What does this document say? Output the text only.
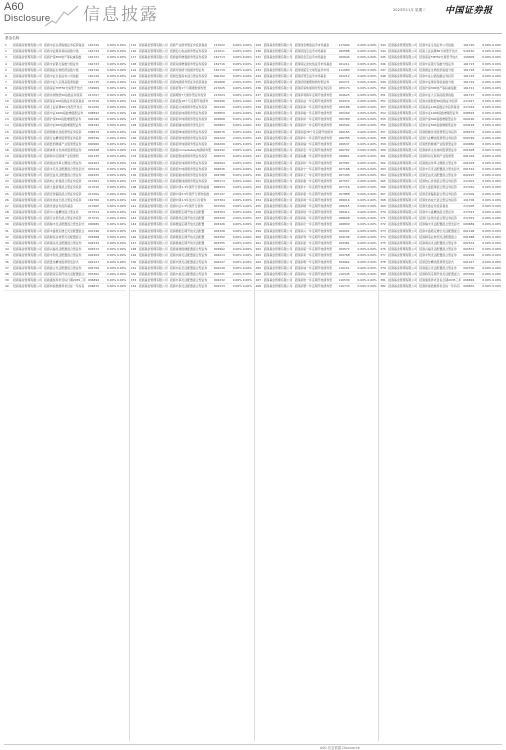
A60
Disclosure 信息披露	2023年11月 星期二 中国证券报
基金名称
1	招商基金管理有限公司 招商中证白酒指数证券投资基金	161725	0.00% 0.00%
2	招商基金管理有限公司 招商中证煤炭等权指数分级	161724	0.00% 0.00%
3	招商基金管理有限公司 招商沪深300地产等权重指数	161721	0.00% 0.00%
4	招商基金管理有限公司 招商中证银行指数分级证券	161723	0.00% 0.00%
5	招商基金管理有限公司 招商国证生物医药指数分级	161726	0.00% 0.00%
6	招商基金管理有限公司 招商中证全指证券公司指数	161720	0.00% 0.00%
7	招商基金管理有限公司 招商中证大宗商品股票指数	161715	0.00% 0.00%
8	招商基金管理有限公司 招商深证TMT50交易型开放式	159909	0.00% 0.00%
9	招商基金管理有限公司 招商央视财经50指数证券投资	217027	0.00% 0.00%
10	招商基金管理有限公司 招商深证100指数证券投资基金	217016	0.00% 0.00%
11	招商基金管理有限公司 招商上证消费80交易型开放式	510150	0.00% 0.00%
12	招商基金管理有限公司 招商中证1000指数增强型证券	008593	0.00% 0.00%
13	招商基金管理有限公司 招商沪深300指数增强型证券	004190	0.00% 0.00%
14	招商基金管理有限公司 招商中证500指数增强型证券	004192	0.00% 0.00%
15	招商基金管理有限公司 招商稳健优选股票型证券投资	008279	0.00% 0.00%
16	招商基金管理有限公司 招商行业精选股票型证券投资	000746	0.00% 0.00%
17	招商基金管理有限公司 招商医药健康产业股票型证券	000960	0.00% 0.00%
18	招商基金管理有限公司 招商体育文化休闲股票型证券	001628	0.00% 0.00%
19	招商基金管理有限公司 招商移动互联网产业股票型	001335	0.00% 0.00%
20	招商基金管理有限公司 招商国企改革主题混合型证券	001403	0.00% 0.00%
21	招商基金管理有限公司 招商丰庆灵活配置混合型发起式	001519	0.00% 0.00%
22	招商基金管理有限公司 招商安益灵活配置混合型证券	002225	0.00% 0.00%
23	招商基金管理有限公司 招商核心价值混合型证券投资	217001	0.00% 0.00%
24	招商基金管理有限公司 招商大盘蓝筹混合型证券投资	217010	0.00% 0.00%
25	招商基金管理有限公司 招商安泰偏股混合型证券投资	217002	0.00% 0.00%
26	招商基金管理有限公司 招商优质成长混合型证券投资	161706	0.00% 0.00%
27	招商基金管理有限公司 招商先锋证券投资基金	217005	0.00% 0.00%
28	招商基金管理有限公司 招商中小盘精选混合型证券	217013	0.00% 0.00%
29	招商基金管理有限公司 招商行业领先混合型证券投资	217015	0.00% 0.00%
30	招商基金管理有限公司 招商瑞丰灵活配置混合型发起式	000689	0.00% 0.00%
31	招商基金管理有限公司 招商丰盛稳定增长灵活配置混合	001198	0.00% 0.00%
32	招商基金管理有限公司 招商制造业转型灵活配置混合	001868	0.00% 0.00%
33	招商基金管理有限公司 招商境远灵活配置混合型证券	002534	0.00% 0.00%
34	招商基金管理有限公司 招商兴福灵活配置混合型证券	002572	0.00% 0.00%
35	招商基金管理有限公司 招商丰利灵活配置混合型证券	002209	0.00% 0.00%
36	招商基金管理有限公司 招商量化精选股票型发起式	001917	0.00% 0.00%
37	招商基金管理有限公司 招商盛合灵活配置混合型证券	002700	0.00% 0.00%
38	招商基金管理有限公司 招商稳荣定期开放灵活配置混合	003302	0.00% 0.00%
39	招商基金管理有限公司 招商康泰养老目标日期2035三年 006894	0.00% 0.00%
40	招商基金管理有限公司 招商和悦稳健养老目标一年持有	006870	0.00% 0.00%
115 招商基金管理有限公司 招商产业债券型证券投资基金	217022	0.00% 0.00%
116 招商基金管理有限公司 招商安心收益债券型证券投资	217011	0.00% 0.00%
117 招商基金管理有限公司 招商信用增强债券型证券投资	161713	0.00% 0.00%
118 招商基金管理有限公司 招商双债增强债券型证券投资	161716	0.00% 0.00%
119 招商基金管理有限公司 招商可转债分级债券型证券	161719	0.00% 0.00%
120 招商基金管理有限公司 招商安盈保本混合型证券投资	000152	0.00% 0.00%
121 招商基金管理有限公司 招商纯债债券型证券投资基金	001868	0.00% 0.00%
122 招商基金管理有限公司 招商招利1个月期理财债券型	217025	0.00% 0.00%
123 招商基金管理有限公司 招商理财7天债券型证券投资	217024	0.00% 0.00%
124 招商基金管理有限公司 招商招盈18个月定期开放债券	002306	0.00% 0.00%
125 招商基金管理有限公司 招商招兴纯债债券型证券投资	003340	0.00% 0.00%
126 招商基金管理有限公司 招商招旭纯债债券型证券投资	003859	0.00% 0.00%
127 招商基金管理有限公司 招商招华纯债债券型证券投资	003868	0.00% 0.00%
128 招商基金管理有限公司 招商招瑞纯债债券型发起式	003883	0.00% 0.00%
129 招商基金管理有限公司 招商招坤纯债债券型证券投资	004076	0.00% 0.00%
130 招商基金管理有限公司 招商招怡纯债债券型证券投资	004129	0.00% 0.00%
131 招商基金管理有限公司 招商招祥纯债债券型证券投资	004209	0.00% 0.00%
132 招商基金管理有限公司 招商招immediately纯债债券型 004332	0.00% 0.00%
133 招商基金管理有限公司 招商招悦纯债债券型证券投资	004533	0.00% 0.00%
134 招商基金管理有限公司 招商招恒纯债债券型证券投资	004564	0.00% 0.00%
135 招商基金管理有限公司 招商招丰纯债债券型证券投资	004636	0.00% 0.00%
136 招商基金管理有限公司 招商招裕纯债债券型证券投资	004788	0.00% 0.00%
137 招商基金管理有限公司 招商招顺纯债债券型证券投资	005174	0.00% 0.00%
138 招商基金管理有限公司 招商中债1-3年国开行债券指数	006934	0.00% 0.00%
139 招商基金管理有限公司 招商中债3-5年国开行债券指数	007197	0.00% 0.00%
140 招商基金管理有限公司 招商中债1-5年进出口行债券	007304	0.00% 0.00%
141 招商基金管理有限公司 招商中证1-3年国开行债券	007459	0.00% 0.00%
142 招商基金管理有限公司 招商稳阳定期开放灵活配置	003304	0.00% 0.00%
143 招商基金管理有限公司 招商稳祥定期开放灵活配置	003329	0.00% 0.00%
144 招商基金管理有限公司 招商稳盛定期开放灵活配置	003326	0.00% 0.00%
145 招商基金管理有限公司 招商稳乾定期开放灵活配置	003328	0.00% 0.00%
146 招商基金管理有限公司 招商稳泰定期开放灵活配置	003352	0.00% 0.00%
147 招商基金管理有限公司 招商稳禄定期开放灵活配置	003355	0.00% 0.00%
148 招商基金管理有限公司 招商睿逸稳健配置混合型证券	003962	0.00% 0.00%
149 招商基金管理有限公司 招商丰韵灵活配置混合型证券	004213	0.00% 0.00%
150 招商基金管理有限公司 招商丰凯灵活配置混合型证券	004227	0.00% 0.00%
151 招商基金管理有限公司 招商丰拓灵活配置混合型证券	004230	0.00% 0.00%
152 招商基金管理有限公司 招商丰美灵活配置混合型证券	004231	0.00% 0.00%
153 招商基金管理有限公司 招商丰享灵活配置混合型证券	004232	0.00% 0.00%
154 招商基金管理有限公司 招商丰泰灵活配置混合型证券	004233	0.00% 0.00%
229 招商基金管理有限公司 招商现金增值货币市场基金	217004	0.00% 0.00%
230 招商基金管理有限公司 招商招钱宝货币市场基金	000588	0.00% 0.00%
231 招商基金管理有限公司 招商招金宝货币市场基金	000644	0.00% 0.00%
232 招商基金管理有限公司 招商保证金快线货币市场基金	001211	0.00% 0.00%
233 招商基金管理有限公司 招商财富宝交易型货币市场	511980	0.00% 0.00%
234 招商基金管理有限公司 招商招利宝货币市场基金	002212	0.00% 0.00%
235 招商基金管理有限公司 招商招财通理财债券型证券	002271	0.00% 0.00%
236 招商基金管理有限公司 招商招享纯债债券型证券投资	005174	0.00% 0.00%
237 招商基金管理有限公司 招商添利两年定期开放债券型	004625	0.00% 0.00%
238 招商基金管理有限公司 招商添益一年定期开放债券型	004979	0.00% 0.00%
239 招商基金管理有限公司 招商添润一年定期开放债券型	005188	0.00% 0.00%
240 招商基金管理有限公司 招商添瑞一年定期开放债券型	005269	0.00% 0.00%
241 招商基金管理有限公司 招商添泽一年定期开放债券型	005389	0.00% 0.00%
242 招商基金管理有限公司 招商添祥一年定期开放债券型	005502	0.00% 0.00%
243 招商基金管理有限公司 招商添盛78个月定期开放债券	006185	0.00% 0.00%
244 招商基金管理有限公司 招商添华一年定期开放债券型	006358	0.00% 0.00%
245 招商基金管理有限公司 招商添福一年定期开放债券型	006537	0.00% 0.00%
246 招商基金管理有限公司 招商添安一年定期开放债券型	006702	0.00% 0.00%
247 招商基金管理有限公司 招商添鑫一年定期开放债券型	006861	0.00% 0.00%
248 招商基金管理有限公司 招商添和一年定期开放债券型	007087	0.00% 0.00%
249 招商基金管理有限公司 招商添宁一年定期开放债券型	007188	0.00% 0.00%
250 招商基金管理有限公司 招商添元一年定期开放债券型	007395	0.00% 0.00%
251 招商基金管理有限公司 招商添康一年定期开放债券型	007557	0.00% 0.00%
252 招商基金管理有限公司 招商添丰一年定期开放债券型	007716	0.00% 0.00%
253 招商基金管理有限公司 招商添嘉一年定期开放债券型	007888	0.00% 0.00%
254 招商基金管理有限公司 招商添鸿一年定期开放债券型	008016	0.00% 0.00%
255 招商基金管理有限公司 招商添顺一年定期开放债券型	008215	0.00% 0.00%
256 招商基金管理有限公司 招商添悦一年定期开放债券型	008412	0.00% 0.00%
257 招商基金管理有限公司 招商添裕一年定期开放债券型	008608	0.00% 0.00%
258 招商基金管理有限公司 招商添庆一年定期开放债券型	008809	0.00% 0.00%
259 招商基金管理有限公司 招商添兴一年定期开放债券型	009001	0.00% 0.00%
260 招商基金管理有限公司 招商添利一年定期开放债券型	009196	0.00% 0.00%
261 招商基金管理有限公司 招商添盈一年定期开放债券型	009381	0.00% 0.00%
262 招商基金管理有限公司 招商添富一年定期开放债券型	009577	0.00% 0.00%
263 招商基金管理有限公司 招商添荣一年定期开放债券型	009768	0.00% 0.00%
264 招商基金管理有限公司 招商添明一年定期开放债券型	009962	0.00% 0.00%
265 招商基金管理有限公司 招商添诚一年定期开放债券型	010151	0.00% 0.00%
266 招商基金管理有限公司 招商添信一年定期开放债券型	010345	0.00% 0.00%
267 招商基金管理有限公司 招商添智一年定期开放债券型	010539	0.00% 0.00%
268 招商基金管理有限公司 招商添慧一年定期开放债券型	010733	0.00% 0.00%
343 招商基金管理有限公司 招商中证全指证券公司指数	161720	0.00% 0.00%
344 招商基金管理有限公司 招商上证消费80交易型开放式	510150	0.00% 0.00%
345 招商基金管理有限公司 招商深证TMT50交易型开放式	159909	0.00% 0.00%
346 招商基金管理有限公司 招商中证银行指数分级证券	161723	0.00% 0.00%
347 招商基金管理有限公司 招商国证生物医药指数分级	161726	0.00% 0.00%
348 招商基金管理有限公司 招商中证白酒指数证券投资	161725	0.00% 0.00%
349 招商基金管理有限公司 招商中证煤炭等权指数分级	161724	0.00% 0.00%
350 招商基金管理有限公司 招商沪深300地产等权重指数	161721	0.00% 0.00%
351 招商基金管理有限公司 招商中证大宗商品股票指数	161715	0.00% 0.00%
352 招商基金管理有限公司 招商央视财经50指数证券投资	217027	0.00% 0.00%
353 招商基金管理有限公司 招商深证100指数证券投资基金	217016	0.00% 0.00%
354 招商基金管理有限公司 招商中证1000指数增强型证券	008593	0.00% 0.00%
355 招商基金管理有限公司 招商沪深300指数增强型证券	004190	0.00% 0.00%
356 招商基金管理有限公司 招商中证500指数增强型证券	004192	0.00% 0.00%
357 招商基金管理有限公司 招商稳健优选股票型证券投资	008279	0.00% 0.00%
358 招商基金管理有限公司 招商行业精选股票型证券投资	000746	0.00% 0.00%
359 招商基金管理有限公司 招商医药健康产业股票型证券	000960	0.00% 0.00%
360 招商基金管理有限公司 招商体育文化休闲股票型证券	001628	0.00% 0.00%
361 招商基金管理有限公司 招商移动互联网产业股票型	001335	0.00% 0.00%
362 招商基金管理有限公司 招商国企改革主题混合型证券	001403	0.00% 0.00%
363 招商基金管理有限公司 招商丰庆灵活配置混合型发起式	001519	0.00% 0.00%
364 招商基金管理有限公司 招商安益灵活配置混合型证券	002225	0.00% 0.00%
365 招商基金管理有限公司 招商核心价值混合型证券投资	217001	0.00% 0.00%
366 招商基金管理有限公司 招商大盘蓝筹混合型证券投资	217010	0.00% 0.00%
367 招商基金管理有限公司 招商安泰偏股混合型证券投资	217002	0.00% 0.00%
368 招商基金管理有限公司 招商优质成长混合型证券投资	161706	0.00% 0.00%
369 招商基金管理有限公司 招商先锋证券投资基金	217005	0.00% 0.00%
370 招商基金管理有限公司 招商中小盘精选混合型证券	217013	0.00% 0.00%
371 招商基金管理有限公司 招商行业领先混合型证券投资	217015	0.00% 0.00%
372 招商基金管理有限公司 招商瑞丰灵活配置混合型发起式	000689	0.00% 0.00%
373 招商基金管理有限公司 招商丰盛稳定增长灵活配置混合	001198	0.00% 0.00%
374 招商基金管理有限公司 招商制造业转型灵活配置混合	001868	0.00% 0.00%
375 招商基金管理有限公司 招商境远灵活配置混合型证券	002534	0.00% 0.00%
376 招商基金管理有限公司 招商兴福灵活配置混合型证券	002572	0.00% 0.00%
377 招商基金管理有限公司 招商丰利灵活配置混合型证券	002209	0.00% 0.00%
378 招商基金管理有限公司 招商量化精选股票型发起式	001917	0.00% 0.00%
379 招商基金管理有限公司 招商盛合灵活配置混合型证券	002700	0.00% 0.00%
380 招商基金管理有限公司 招商稳荣定期开放灵活配置混合	003302	0.00% 0.00%
381 招商基金管理有限公司 招商康泰养老目标日期2035三年 006894	0.00% 0.00%
382 招商基金管理有限公司 招商和悦稳健养老目标一年持有	006870	0.00% 0.00%
A60 信息披露 Disclosure
